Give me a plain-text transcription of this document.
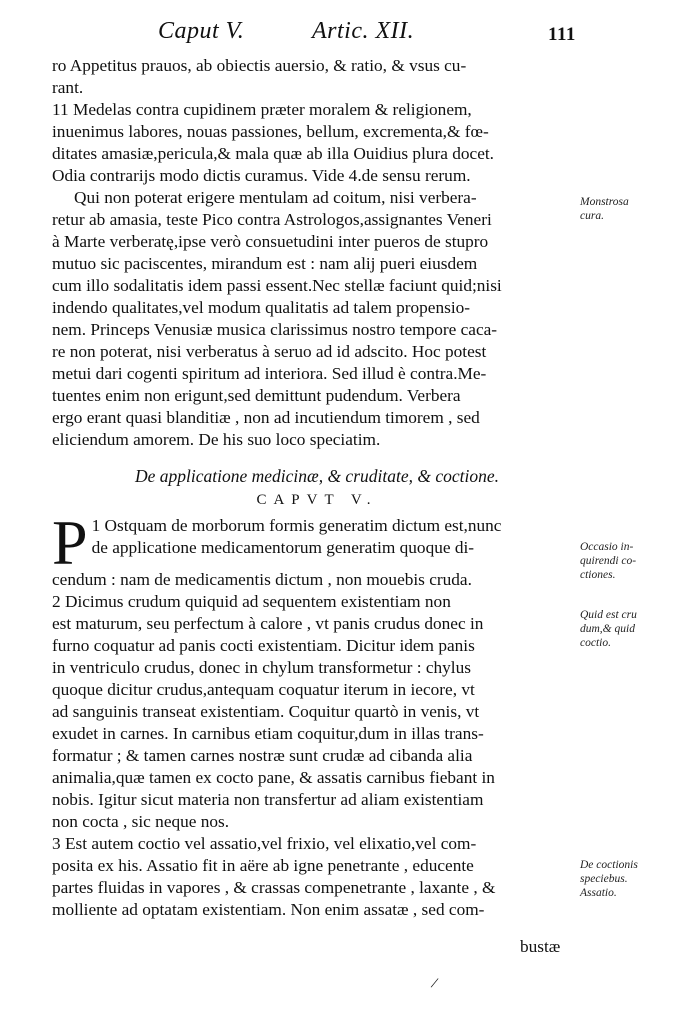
Caput V.	Artic. XII.	111
ro Appetitus prauos, ab obiectis auersio, & ratio, & vsus cu-
rant.
11 Medelas contra cupidinem præter moralem & religionem,
inuenimus labores, nouas passiones, bellum, excrementa,& fœ-
ditates amasiæ,pericula,& mala quæ ab illa Ouidius plura docet.
Odia contrarijs modo dictis curamus. Vide 4.de sensu rerum.
Qui non poterat erigere mentulam ad coitum, nisi verbera-
retur ab amasia, teste Pico contra Astrologos,assignantes Veneri
à Marte verberatę,ipse verò consuetudini inter pueros de stupro
mutuo sic paciscentes, mirandum est : nam alij pueri eiusdem
cum illo sodalitatis idem passi essent.Nec stellæ faciunt quid;nisi
indendo qualitates,vel modum qualitatis ad talem propensio-
nem. Princeps Venusiæ musica clarissimus nostro tempore caca-
re non poterat, nisi verberatus à seruo ad id adscito. Hoc potest
metui dari cogenti spiritum ad interiora. Sed illud è contra.Me-
tuentes enim non erigunt,sed demittunt pudendum. Verbera
ergo erant quasi blanditiæ , non ad incutiendum timorem , sed
eliciendum amorem. De his suo loco speciatim.
De applicatione medicinæ, & cruditate, & coctione.
CAPVT V.
P 1 Ostquam de morborum formis generatim dictum est,nunc
de applicatione medicamentorum generatim quoque di-
cendum : nam de medicamentis dictum , non mouebis cruda.
2 Dicimus crudum quiquid ad sequentem existentiam non
est maturum, seu perfectum à calore , vt panis crudus donec in
furno coquatur ad panis cocti existentiam. Dicitur idem panis
in ventriculo crudus, donec in chylum transformetur : chylus
quoque dicitur crudus,antequam coquatur iterum in iecore, vt
ad sanguinis transeat existentiam. Coquitur quartò in venis, vt
exudet in carnes. In carnibus etiam coquitur,dum in illas trans-
formatur ; & tamen carnes nostræ sunt crudæ ad cibanda alia
animalia,quæ tamen ex cocto pane, & assatis carnibus fiebant in
nobis. Igitur sicut materia non transfertur ad aliam existentiam
non cocta , sic neque nos.
3 Est autem coctio vel assatio,vel frixio, vel elixatio,vel com-
posita ex his. Assatio fit in aëre ab igne penetrante , educente
partes fluidas in vapores , & crassas compenetrante , laxante , &
molliente ad optatam existentiam. Non enim assatæ , sed com-
bustæ
/
Monstrosa
cura.
Occasio in-
quirendi co-
ctiones.
Quid est cru
dum,& quid
coctio.
De coctionis
speciebus.
Assatio.
